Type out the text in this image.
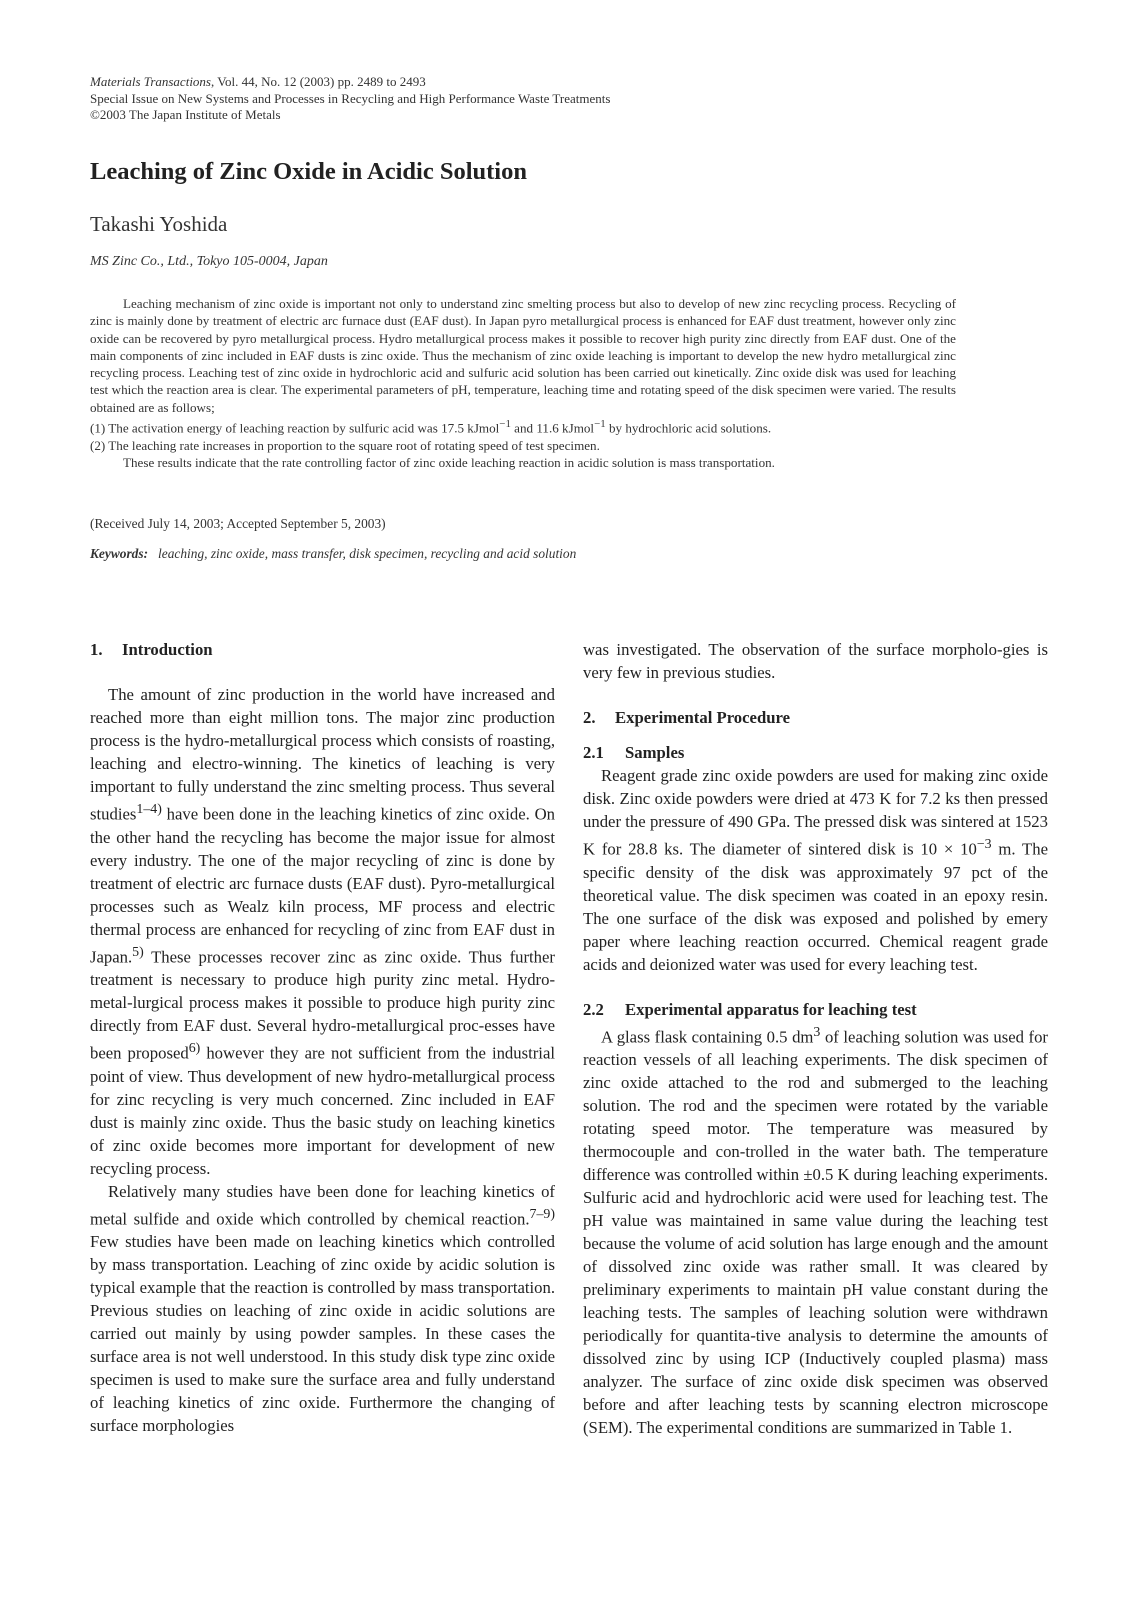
Materials Transactions, Vol. 44, No. 12 (2003) pp. 2489 to 2493
Special Issue on New Systems and Processes in Recycling and High Performance Waste Treatments
©2003 The Japan Institute of Metals
Leaching of Zinc Oxide in Acidic Solution
Takashi Yoshida
MS Zinc Co., Ltd., Tokyo 105-0004, Japan

Leaching mechanism of zinc oxide is important not only to understand zinc smelting process but also to develop of new zinc recycling process. Recycling of zinc is mainly done by treatment of electric arc furnace dust (EAF dust). In Japan pyro metallurgical process is enhanced for EAF dust treatment, however only zinc oxide can be recovered by pyro metallurgical process. Hydro metallurgical process makes it possible to recover high purity zinc directly from EAF dust. One of the main components of zinc included in EAF dusts is zinc oxide. Thus the mechanism of zinc oxide leaching is important to develop the new hydro metallurgical zinc recycling process. Leaching test of zinc oxide in hydrochloric acid and sulfuric acid solution has been carried out kinetically. Zinc oxide disk was used for leaching test which the reaction area is clear. The experimental parameters of pH, temperature, leaching time and rotating speed of the disk specimen were varied. The results obtained are as follows;

(1) The activation energy of leaching reaction by sulfuric acid was 17.5 kJmol$^{-1}$ and 11.6 kJmol$^{-1}$ by hydrochloric acid solutions.

(2) The leaching rate increases in proportion to the square root of rotating speed of test specimen.

These results indicate that the rate controlling factor of zinc oxide leaching reaction in acidic solution is mass transportation.

(Received July 14, 2003; Accepted September 5, 2003)
Keywords: leaching, zinc oxide, mass transfer, disk specimen, recycling and acid solution
1. Introduction

The amount of zinc production in the world have increased and reached more than eight million tons. The major zinc production process is the hydro-metallurgical process which consists of roasting, leaching and electro-winning. The kinetics of leaching is very important to fully understand the zinc smelting process. Thus several studies$^{1-4)}$ have been done in the leaching kinetics of zinc oxide. On the other hand the recycling has become the major issue for almost every industry. The one of the major recycling of zinc is done by treatment of electric arc furnace dusts (EAF dust). Pyro-metallurgical processes such as Wealz kiln process, MF process and electric thermal process are enhanced for recycling of zinc from EAF dust in Japan.$^{5)}$ These processes recover zinc as zinc oxide. Thus further treatment is necessary to produce high purity zinc metal. Hydro-metal-lurgical process makes it possible to produce high purity zinc directly from EAF dust. Several hydro-metallurgical proc-esses have been proposed$^{6)}$ however they are not sufficient from the industrial point of view. Thus development of new hydro-metallurgical process for zinc recycling is very much concerned. Zinc included in EAF dust is mainly zinc oxide. Thus the basic study on leaching kinetics of zinc oxide becomes more important for development of new recycling process.

Relatively many studies have been done for leaching kinetics of metal sulfide and oxide which controlled by chemical reaction.$^{7-9)}$ Few studies have been made on leaching kinetics which controlled by mass transportation. Leaching of zinc oxide by acidic solution is typical example that the reaction is controlled by mass transportation. Previous studies on leaching of zinc oxide in acidic solutions are carried out mainly by using powder samples. In these cases the surface area is not well understood. In this study disk type zinc oxide specimen is used to make sure the surface area and fully understand of leaching kinetics of zinc oxide. Furthermore the changing of surface morphologies

was investigated. The observation of the surface morpholo-gies is very few in previous studies.

2. Experimental Procedure
2.1 Samples

Reagent grade zinc oxide powders are used for making zinc oxide disk. Zinc oxide powders were dried at 473 K for 7.2 ks then pressed under the pressure of 490 GPa. The pressed disk was sintered at 1523 K for 28.8 ks. The diameter of sintered disk is $10 \times 10^{-3}$ m. The specific density of the disk was approximately 97 pct of the theoretical value. The disk specimen was coated in an epoxy resin. The one surface of the disk was exposed and polished by emery paper where leaching reaction occurred. Chemical reagent grade acids and deionized water was used for every leaching test.

2.2 Experimental apparatus for leaching test

A glass flask containing 0.5 $dm^3$ of leaching solution was used for reaction vessels of all leaching experiments. The disk specimen of zinc oxide attached to the rod and submerged to the leaching solution. The rod and the specimen were rotated by the variable rotating speed motor. The temperature was measured by thermocouple and con-trolled in the water bath. The temperature difference was controlled within ±0.5 K during leaching experiments. Sulfuric acid and hydrochloric acid were used for leaching test. The pH value was maintained in same value during the leaching test because the volume of acid solution has large enough and the amount of dissolved zinc oxide was rather small. It was cleared by preliminary experiments to maintain pH value constant during the leaching tests. The samples of leaching solution were withdrawn periodically for quantita-tive analysis to determine the amounts of dissolved zinc by using ICP (Inductively coupled plasma) mass analyzer. The surface of zinc oxide disk specimen was observed before and after leaching tests by scanning electron microscope (SEM). The experimental conditions are summarized in Table 1.
